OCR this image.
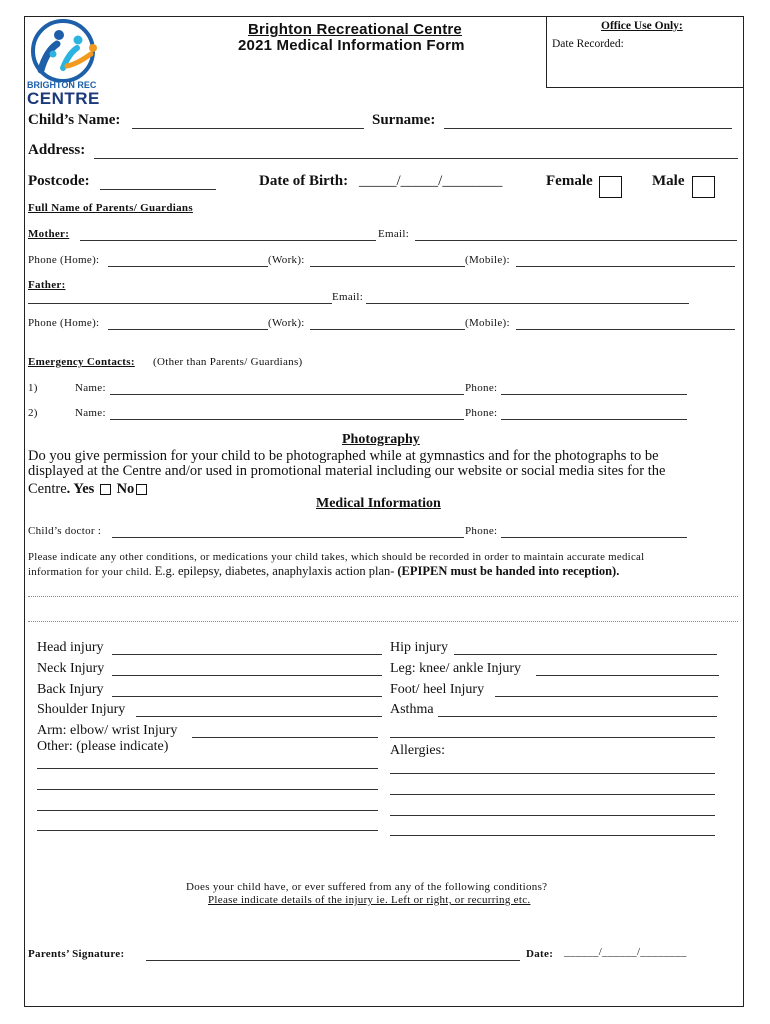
BRIGHTON REC
CENTRE
Brighton Recreational Centre
2021 Medical Information Form
Office Use Only:
Date Recorded:
Child’s Name:	Surname:
Address:
Postcode:	Date of Birth: _____/_____/________	Female	Male
Full Name of Parents/ Guardians
Mother:	Email:
Phone (Home):	(Work):	(Mobile):
Father:
Email:
Phone (Home):	(Work):	(Mobile):
Emergency Contacts: (Other than Parents/ Guardians)
1)	Name:	Phone:
2)	Name:	Phone:
Photography
Do you give permission for your child to be photographed while at gymnastics and for the photographs to be
displayed at the Centre and/or used in promotional material including our website or social media sites for the
Centre. Yes No
Medical Information
Child’s doctor :	Phone:
Please indicate any other conditions, or medications your child takes, which should be recorded in order to maintain accurate medical
information for your child. E.g. epilepsy, diabetes, anaphylaxis action plan- (EPIPEN must be handed into reception).
Head injury
Neck Injury
Back Injury
Shoulder Injury
Arm: elbow/ wrist Injury
Other: (please indicate)
Hip injury
Leg: knee/ ankle Injury
Foot/ heel Injury
Asthma
Allergies:
Does your child have, or ever suffered from any of the following conditions?
Please indicate details of the injury ie. Left or right, or recurring etc.
Parents’ Signature:	Date: ______/______/________
